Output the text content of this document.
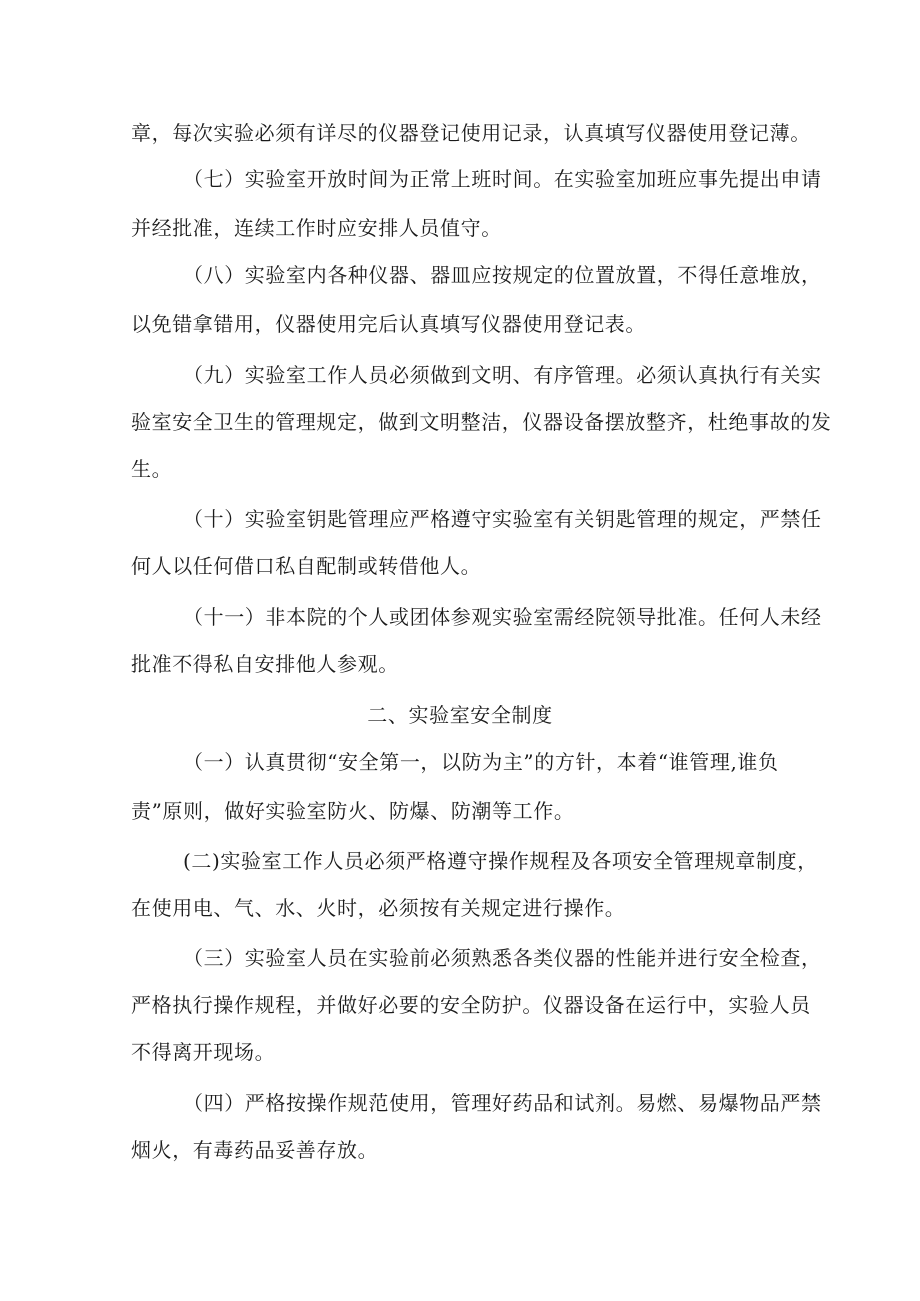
章，每次实验必须有详尽的仪器登记使用记录，认真填写仪器使用登记薄。
（七）实验室开放时间为正常上班时间。在实验室加班应事先提出申请
并经批准，连续工作时应安排人员值守。
（八）实验室内各种仪器、器皿应按规定的位置放置，不得任意堆放，
以免错拿错用，仪器使用完后认真填写仪器使用登记表。
（九）实验室工作人员必须做到文明、有序管理。必须认真执行有关实
验室安全卫生的管理规定，做到文明整洁，仪器设备摆放整齐，杜绝事故的发
生。
（十）实验室钥匙管理应严格遵守实验室有关钥匙管理的规定，严禁任
何人以任何借口私自配制或转借他人。
（十一）非本院的个人或团体参观实验室需经院领导批准。任何人未经
批准不得私自安排他人参观。
二、实验室安全制度
（一）认真贯彻“安全第一，以防为主”的方针，本着“谁管理,谁负
责”原则，做好实验室防火、防爆、防潮等工作。
(二)实验室工作人员必须严格遵守操作规程及各项安全管理规章制度，
在使用电、气、水、火时，必须按有关规定进行操作。
（三）实验室人员在实验前必须熟悉各类仪器的性能并进行安全检查，
严格执行操作规程，并做好必要的安全防护。仪器设备在运行中，实验人员
不得离开现场。
（四）严格按操作规范使用，管理好药品和试剂。易燃、易爆物品严禁
烟火，有毒药品妥善存放。
